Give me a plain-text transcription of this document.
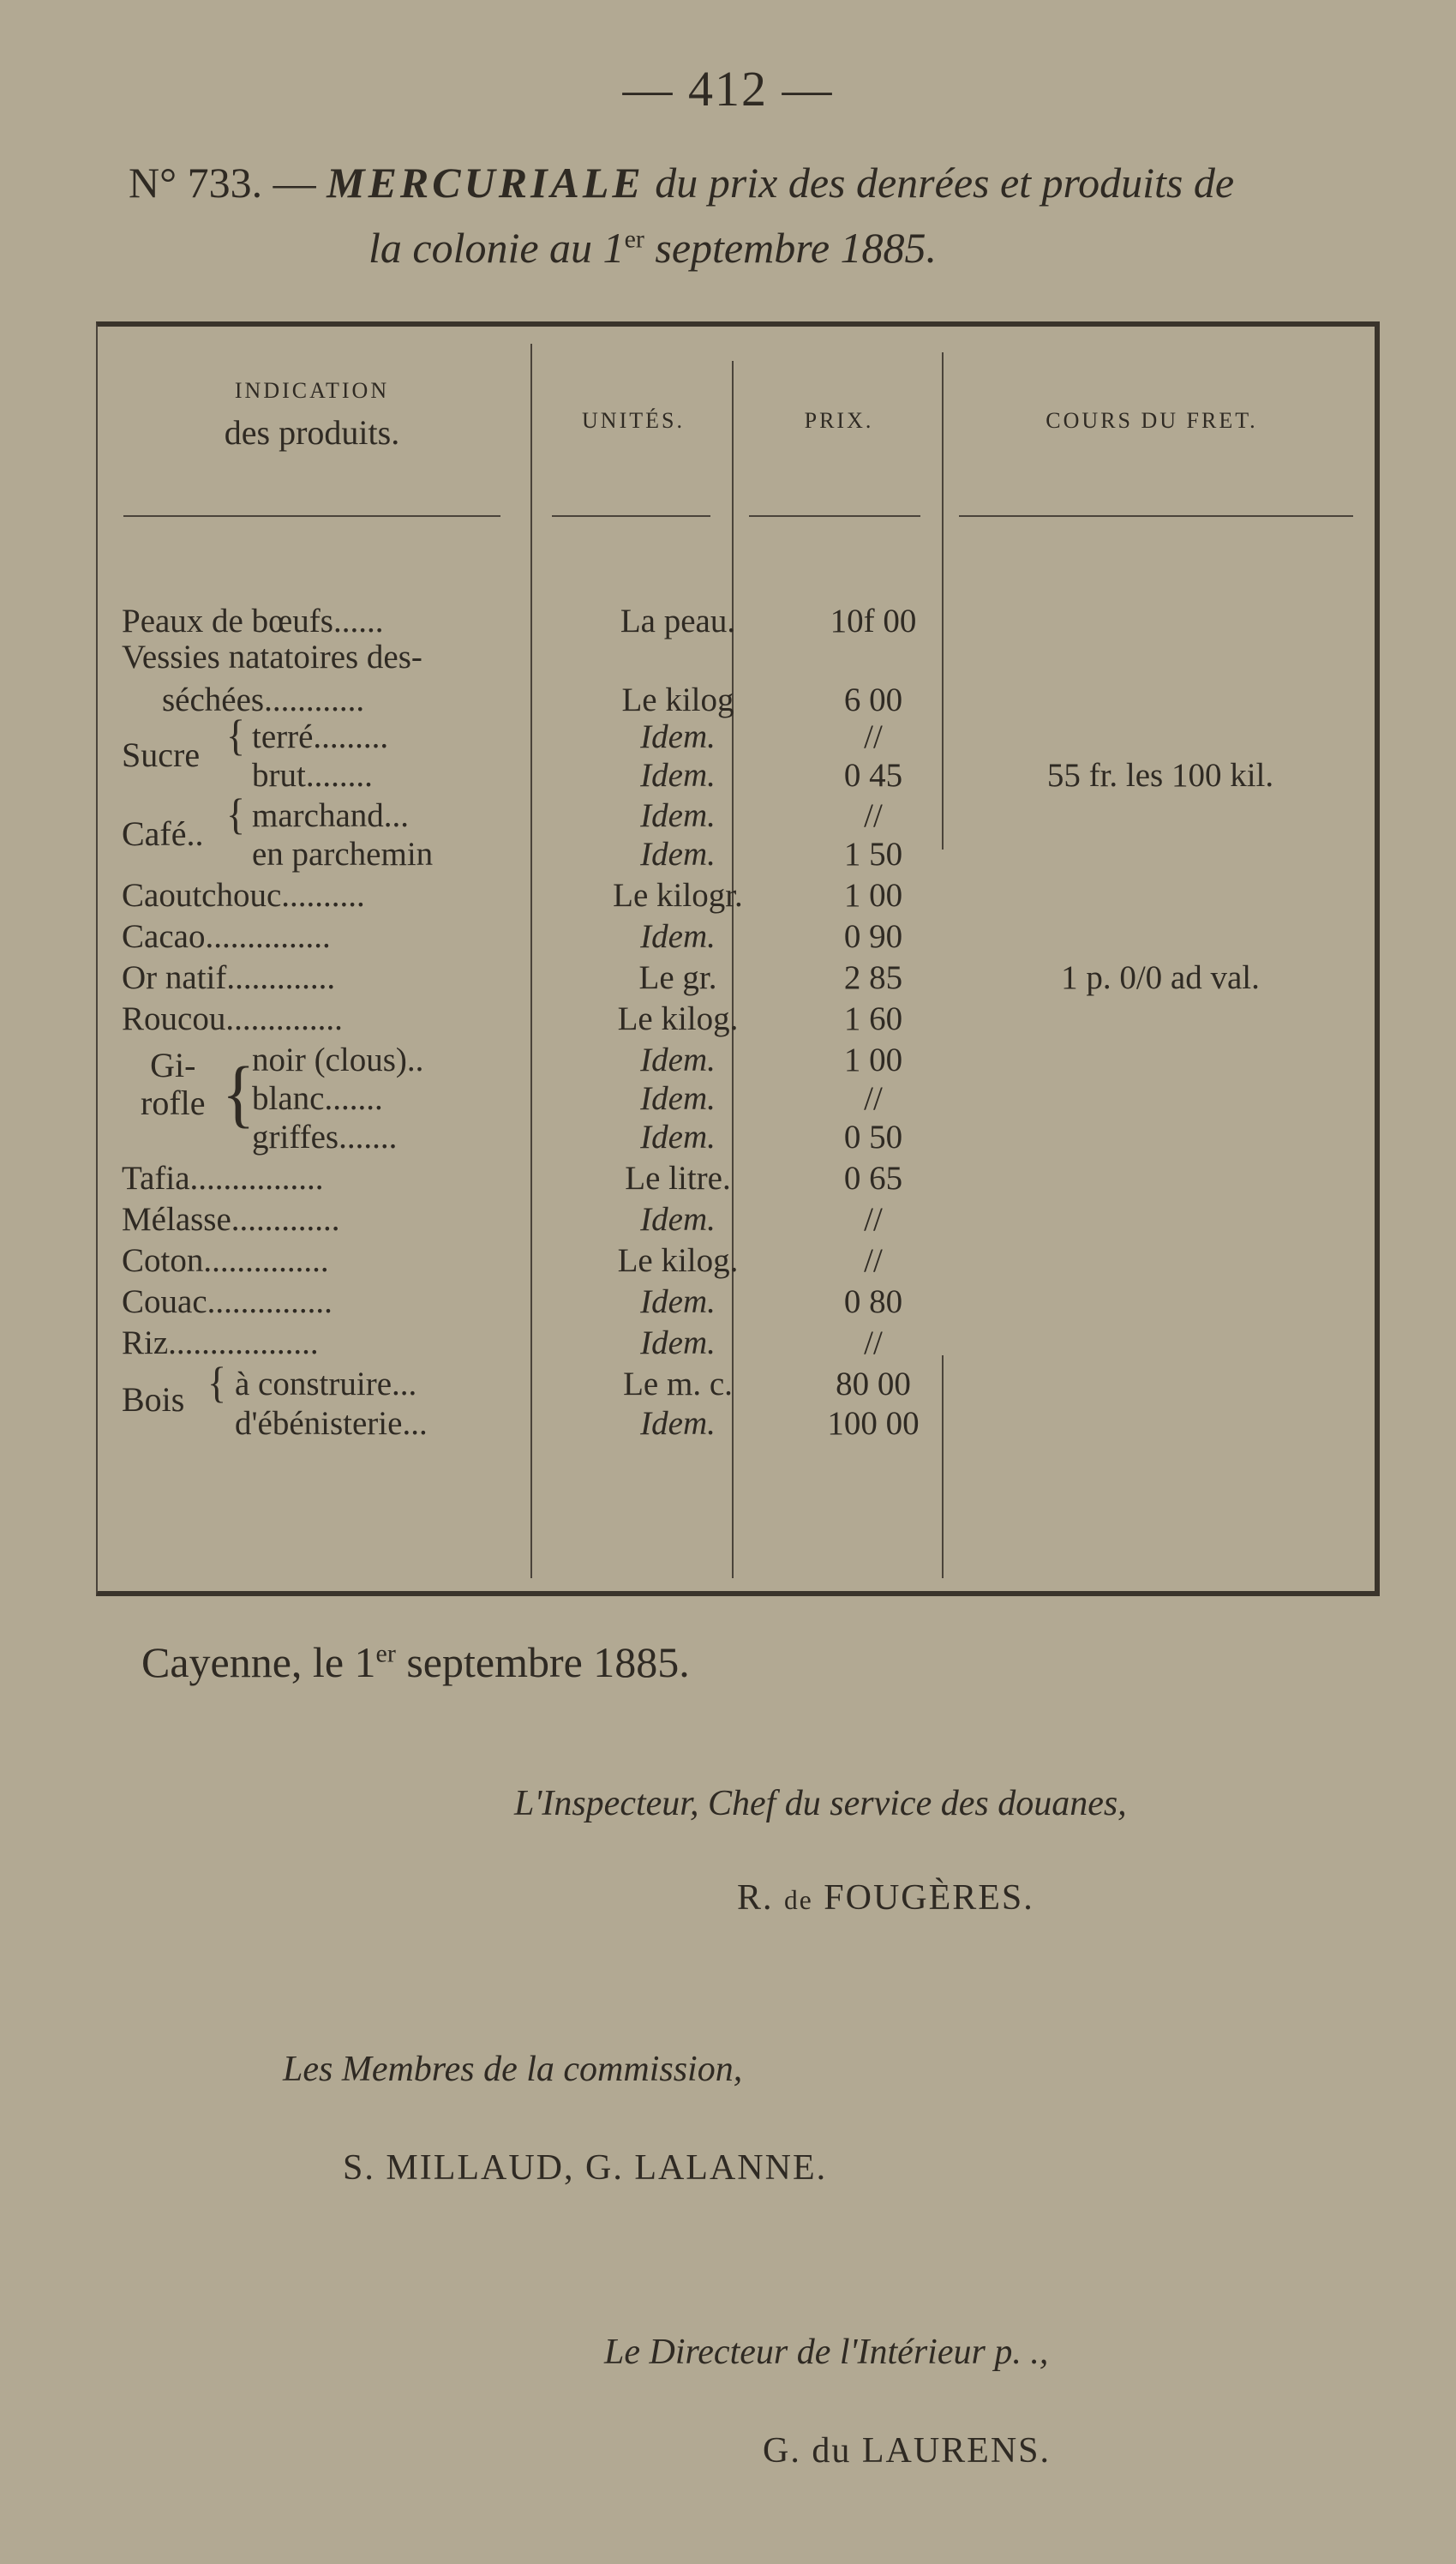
— 412 —
N° 733. — MERCURIALE du prix des denrées et produits de
la colonie au 1er septembre 1885.
INDICATION
des produits.	UNITÉS.	PRIX.	COURS DU FRET.
Peaux de bœufs......	La peau.	10f 00
Vessies natatoires des-
séchées............	Le kilog	6 00
Sucre { terré.........	Idem.	//
brut........	Idem.	0 45	55 fr. les 100 kil.
Café.. { marchand...	Idem.	//
en parchemin	Idem.	1 50
Caoutchouc..........	Le kilogr.	1 00
Cacao...............	Idem.	0 90
Or natif.............	Le gr.	2 85	1 p. 0/0 ad val.
Roucou..............	Le kilog.	1 60
Gi-
rofle {
noir (clous)..	Idem.	1 00
blanc.......	Idem.	//
griffes.......	Idem.	0 50
Tafia................	Le litre.	0 65
Mélasse.............	Idem.	//
Coton...............	Le kilog.	//
Couac...............	Idem.	0 80
Riz..................	Idem.	//
Bois { à construire...	Le m. c.	80 00
d'ébénisterie...	Idem.	100 00
Cayenne, le 1er septembre 1885.
L'Inspecteur, Chef du service des douanes,
R. de FOUGÈRES.
Les Membres de la commission,
S. MILLAUD, G. LALANNE.
Le Directeur de l'Intérieur p. .,
G. du LAURENS.
